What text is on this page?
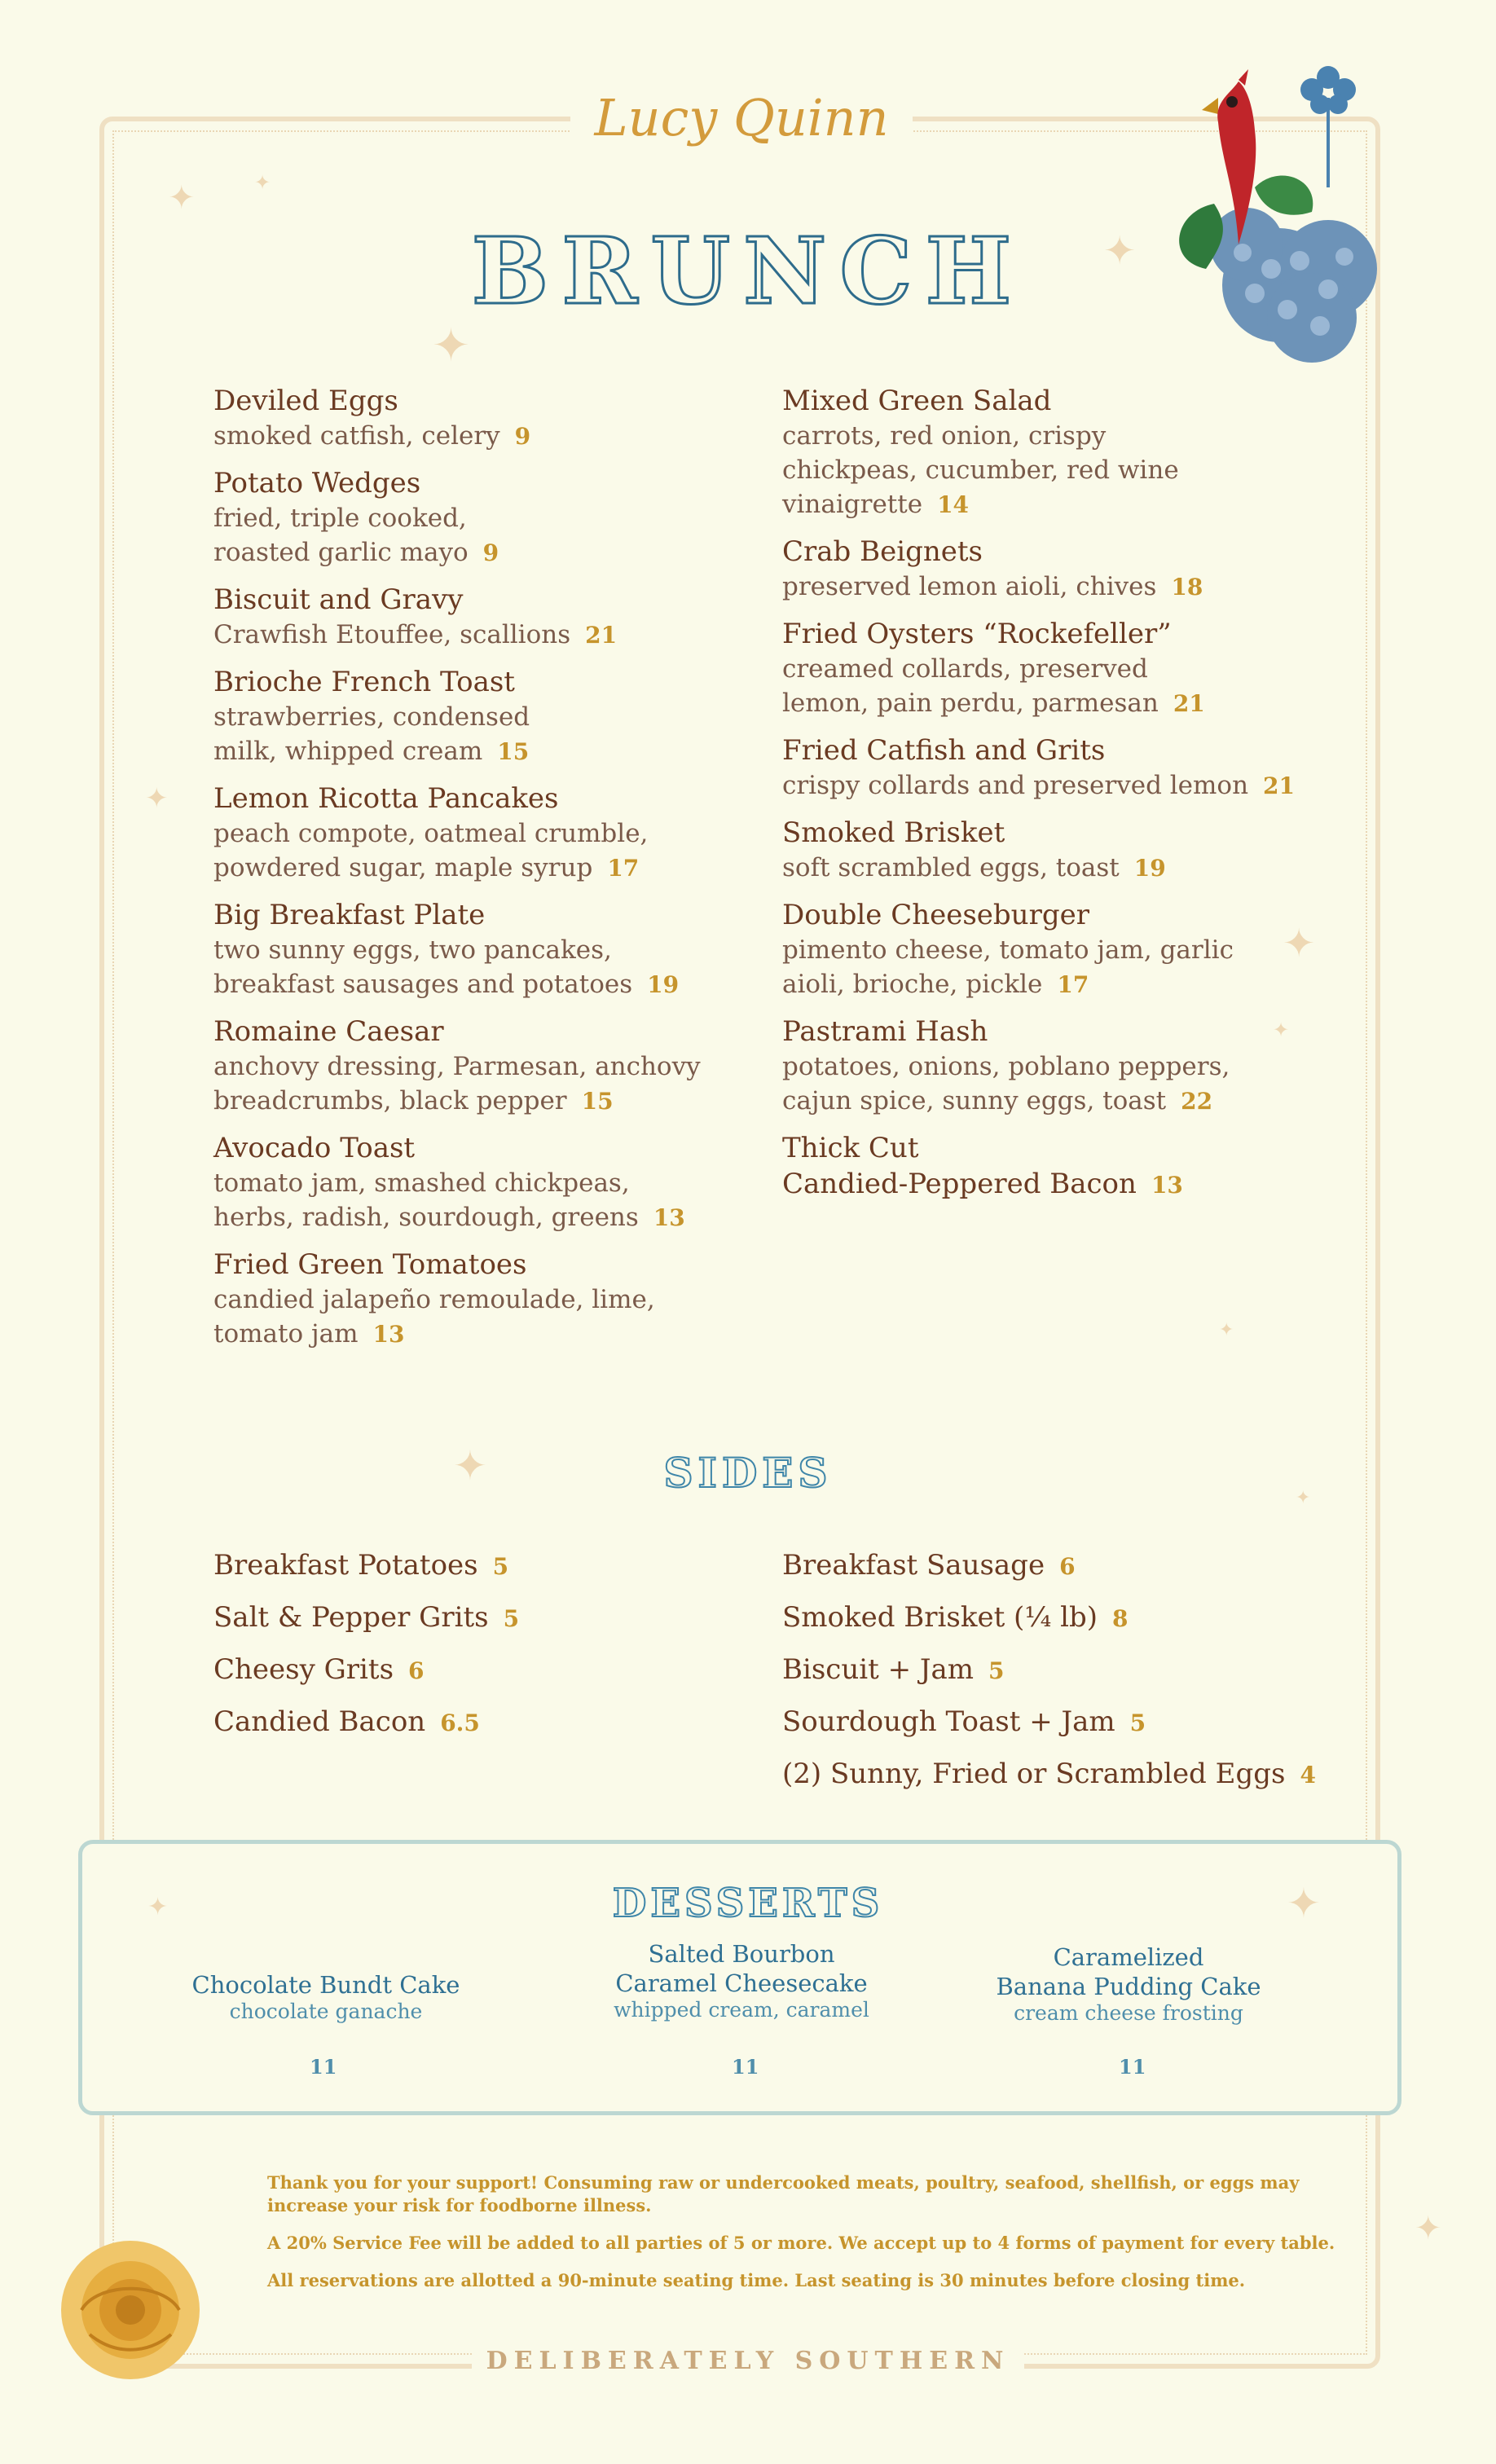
Lucy Quinn
✦	✦
✦
✦
✦
✦
✦
✦
✦
✦
✦
BRUNCH
Deviled Eggs
smoked catfish, celery 9
Potato Wedges
fried, triple cooked, roasted garlic mayo 9
Biscuit and Gravy
Crawfish Etouffee, scallions 21
Brioche French Toast
strawberries, condensed milk, whipped cream 15
Lemon Ricotta Pancakes
peach compote, oatmeal crumble, powdered sugar, maple syrup 17
Big Breakfast Plate
two sunny eggs, two pancakes, breakfast sausages and potatoes 19
Romaine Caesar
anchovy dressing, Parmesan, anchovy breadcrumbs, black pepper 15
Avocado Toast
tomato jam, smashed chickpeas, herbs, radish, sourdough, greens 13
Fried Green Tomatoes
candied jalapeño remoulade, lime, tomato jam 13
Mixed Green Salad
carrots, red onion, crispy chickpeas, cucumber, red wine vinaigrette 14
Crab Beignets
preserved lemon aioli, chives 18
Fried Oysters “Rockefeller”
creamed collards, preserved lemon, pain perdu, parmesan 21
Fried Catfish and Grits
crispy collards and preserved lemon 21
Smoked Brisket
soft scrambled eggs, toast 19
Double Cheeseburger
pimento cheese, tomato jam, garlic aioli, brioche, pickle 17
Pastrami Hash
potatoes, onions, poblano peppers, cajun spice, sunny eggs, toast 22
Thick Cut
Candied-Peppered Bacon 13
SIDES
Breakfast Potatoes 5
Salt & Pepper Grits 5
Cheesy Grits 6
Candied Bacon 6.5
Breakfast Sausage 6
Smoked Brisket (¼ lb) 8
Biscuit + Jam 5
Sourdough Toast + Jam 5
(2) Sunny, Fried or Scrambled Eggs 4
✦	✦
DESSERTS
Chocolate Bundt Cake
chocolate ganache
11
Salted Bourbon
Caramel Cheesecake
whipped cream, caramel
11
Caramelized
Banana Pudding Cake
cream cheese frosting
11

Thank you for your support! Consuming raw or undercooked meats, poultry, seafood, shellfish, or eggs may increase your risk for foodborne illness.

A 20% Service Fee will be added to all parties of 5 or more. We accept up to 4 forms of payment for every table.

All reservations are allotted a 90-minute seating time. Last seating is 30 minutes before closing time.

DELIBERATELY SOUTHERN
